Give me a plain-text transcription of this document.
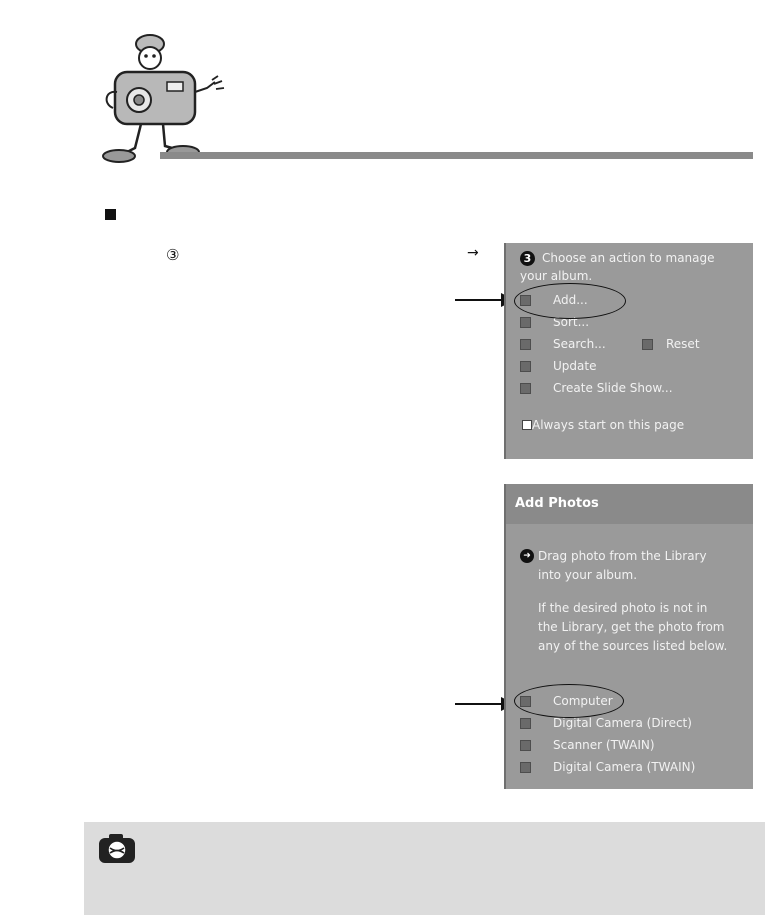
③	→	3 Choose an action to manage
your album.
Add...
Sort...
Search...	Reset
Update
Create Slide Show...
Always start on this page
Add Photos
➜ Drag photo from the Library
into your album.
If the desired photo is not in
the Library, get the photo from
any of the sources listed below.
Computer
Digital Camera (Direct)
Scanner (TWAIN)
Digital Camera (TWAIN)
